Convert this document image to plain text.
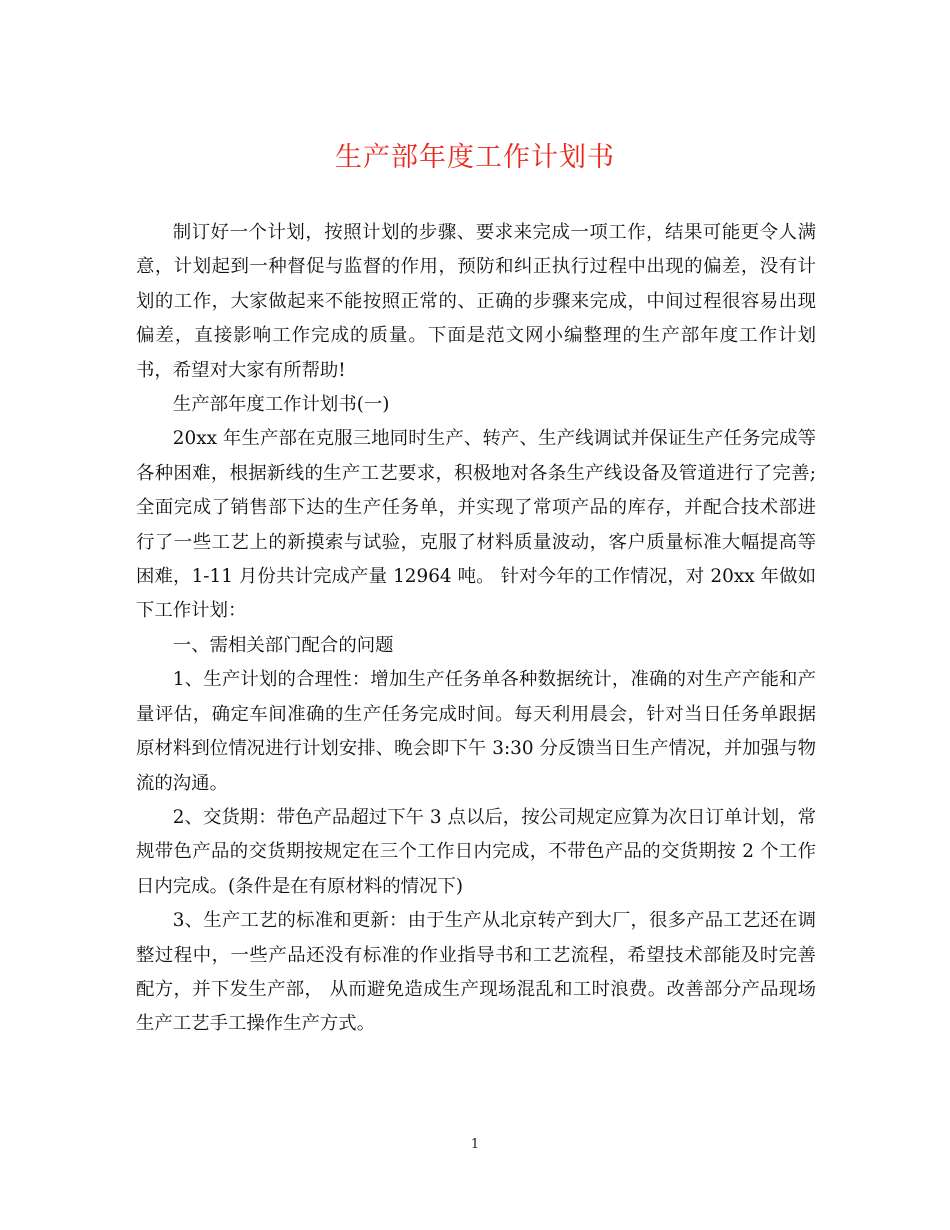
生产部年度工作计划书

制订好一个计划，按照计划的步骤、要求来完成一项工作，结果可能更令人满意，计划起到一种督促与监督的作用，预防和纠正执行过程中出现的偏差，没有计划的工作，大家做起来不能按照正常的、正确的步骤来完成，中间过程很容易出现偏差，直接影响工作完成的质量。下面是范文网小编整理的生产部年度工作计划书，希望对大家有所帮助!

生产部年度工作计划书(一)

20xx 年生产部在克服三地同时生产、转产、生产线调试并保证生产任务完成等各种困难，根据新线的生产工艺要求，积极地对各条生产线设备及管道进行了完善;全面完成了销售部下达的生产任务单，并实现了常项产品的库存，并配合技术部进行了一些工艺上的新摸索与试验，克服了材料质量波动，客户质量标准大幅提高等困难，1-11 月份共计完成产量 12964 吨。 针对今年的工作情况，对 20xx 年做如下工作计划：

一、需相关部门配合的问题

1、生产计划的合理性：增加生产任务单各种数据统计，准确的对生产产能和产量评估，确定车间准确的生产任务完成时间。每天利用晨会，针对当日任务单跟据原材料到位情况进行计划安排、晚会即下午 3:30 分反馈当日生产情况，并加强与物流的沟通。

2、交货期：带色产品超过下午 3 点以后，按公司规定应算为次日订单计划，常规带色产品的交货期按规定在三个工作日内完成，不带色产品的交货期按 2 个工作日内完成。(条件是在有原材料的情况下)

3、生产工艺的标准和更新：由于生产从北京转产到大厂，很多产品工艺还在调整过程中，一些产品还没有标准的作业指导书和工艺流程，希望技术部能及时完善配方，并下发生产部， 从而避免造成生产现场混乱和工时浪费。改善部分产品现场生产工艺手工操作生产方式。

1
